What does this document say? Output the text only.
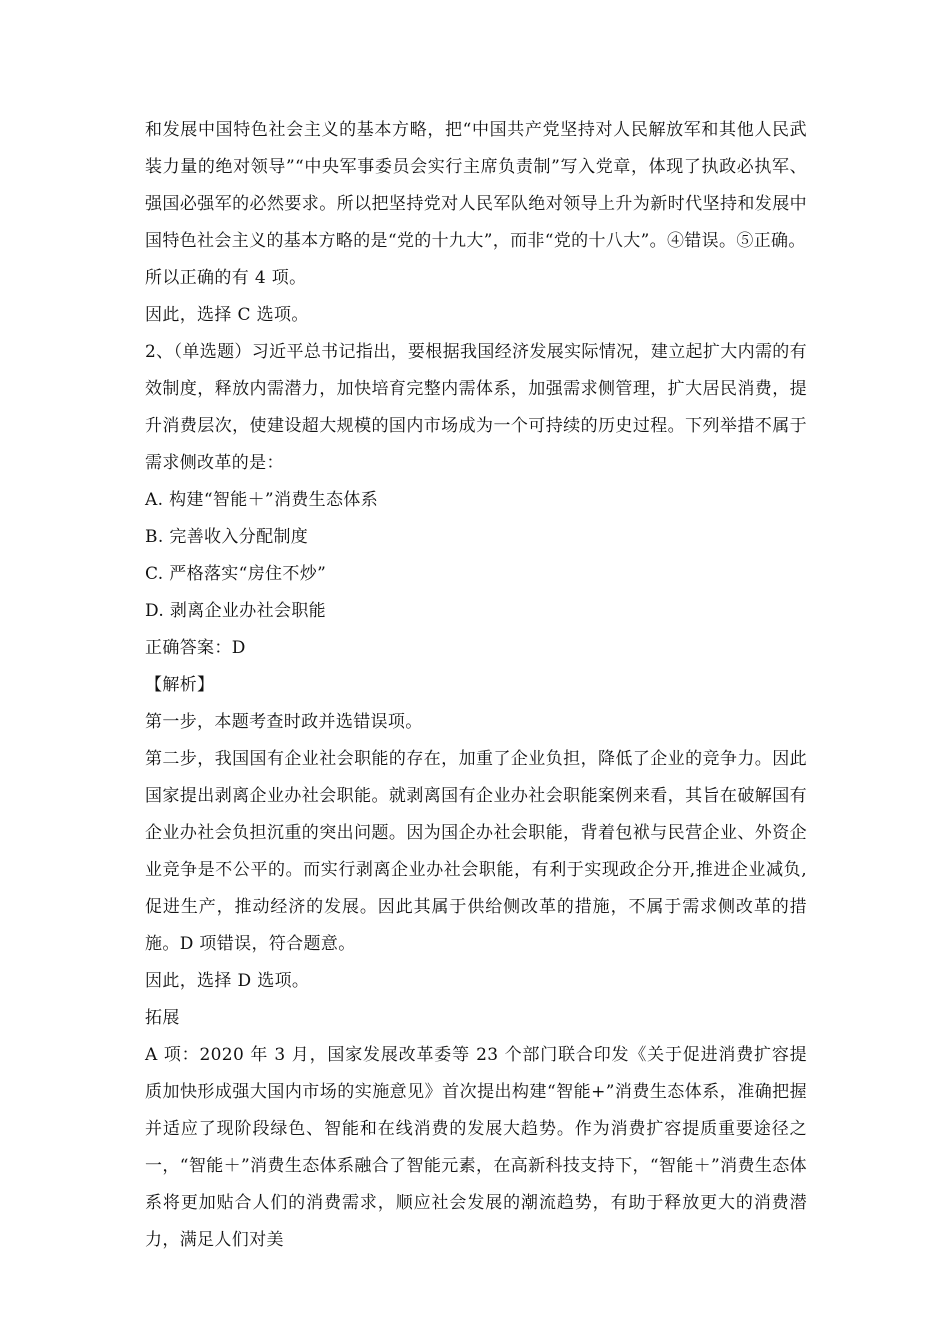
和发展中国特色社会主义的基本方略，把“中国共产党坚持对人民解放军和其他人民武装力量的绝对领导”“中央军事委员会实行主席负责制”写入党章，体现了执政必执军、强国必强军的必然要求。所以把坚持党对人民军队绝对领导上升为新时代坚持和发展中国特色社会主义的基本方略的是“党的十九大”，而非“党的十八大”。④错误。⑤正确。

所以正确的有 4 项。

因此，选择 C 选项。

2、（单选题）习近平总书记指出，要根据我国经济发展实际情况，建立起扩大内需的有效制度，释放内需潜力，加快培育完整内需体系，加强需求侧管理，扩大居民消费，提升消费层次，使建设超大规模的国内市场成为一个可持续的历史过程。下列举措不属于需求侧改革的是：

A. 构建“智能＋”消费生态体系

B. 完善收入分配制度

C. 严格落实“房住不炒”

D. 剥离企业办社会职能

正确答案：D

【解析】

第一步，本题考查时政并选错误项。

第二步，我国国有企业社会职能的存在，加重了企业负担，降低了企业的竞争力。因此国家提出剥离企业办社会职能。就剥离国有企业办社会职能案例来看，其旨在破解国有企业办社会负担沉重的突出问题。因为国企办社会职能，背着包袱与民营企业、外资企业竞争是不公平的。而实行剥离企业办社会职能，有利于实现政企分开,推进企业减负,促进生产，推动经济的发展。因此其属于供给侧改革的措施，不属于需求侧改革的措施。D 项错误，符合题意。

因此，选择 D 选项。

拓展

A 项：2020 年 3 月，国家发展改革委等 23 个部门联合印发《关于促进消费扩容提质加快形成强大国内市场的实施意见》首次提出构建“智能+”消费生态体系，准确把握并适应了现阶段绿色、智能和在线消费的发展大趋势。作为消费扩容提质重要途径之一，“智能＋”消费生态体系融合了智能元素，在高新科技支持下，“智能＋”消费生态体系将更加贴合人们的消费需求，顺应社会发展的潮流趋势，有助于释放更大的消费潜力，满足人们对美
